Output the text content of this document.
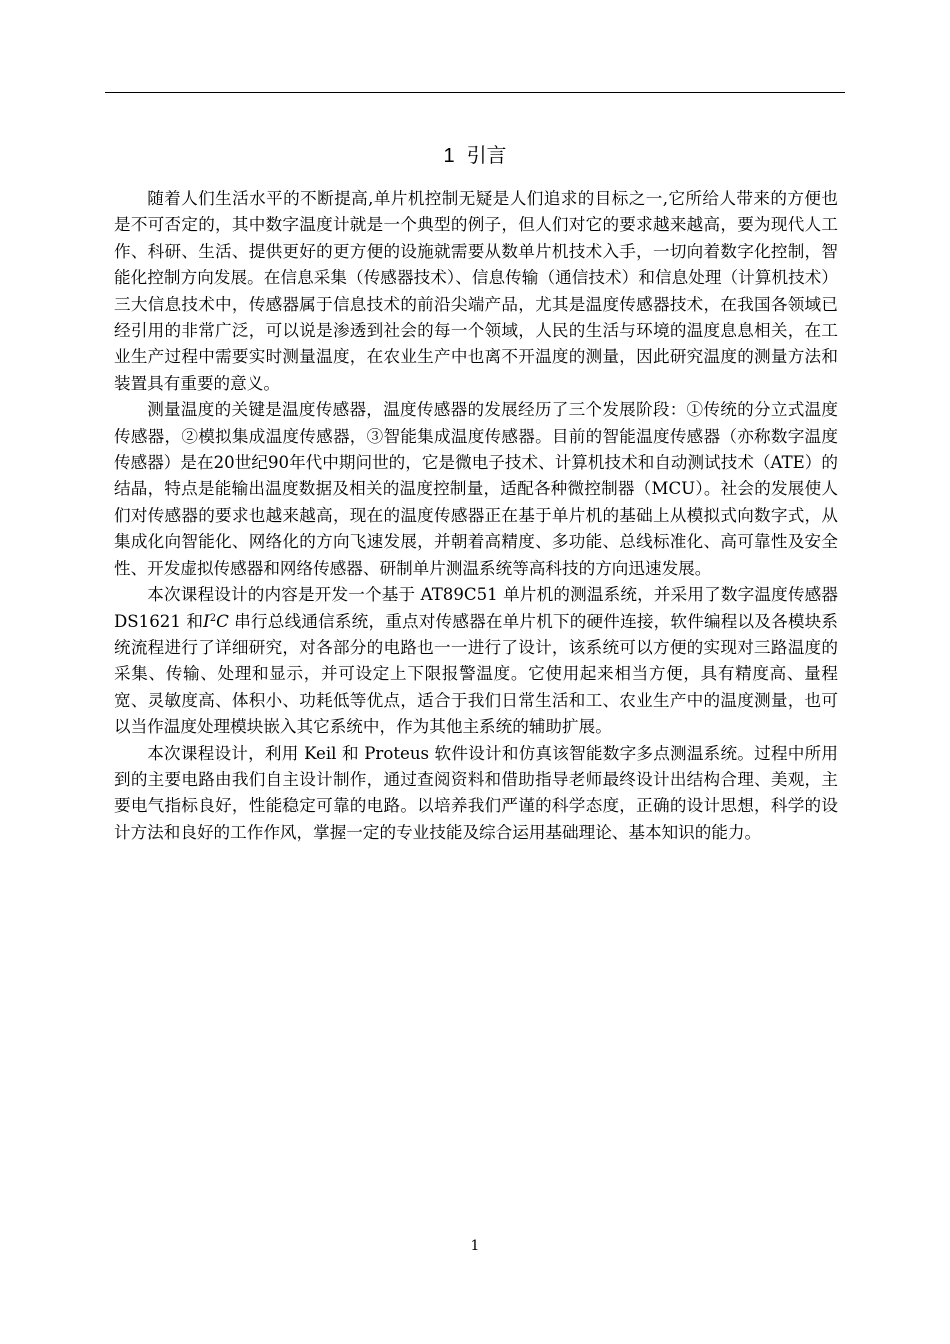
1 引言

随着人们生活水平的不断提高,单片机控制无疑是人们追求的目标之一,它所给人带来的方便也是不可否定的，其中数字温度计就是一个典型的例子，但人们对它的要求越来越高，要为现代人工作、科研、生活、提供更好的更方便的设施就需要从数单片机技术入手，一切向着数字化控制，智能化控制方向发展。在信息采集（传感器技术）、信息传输（通信技术）和信息处理（计算机技术）三大信息技术中，传感器属于信息技术的前沿尖端产品，尤其是温度传感器技术，在我国各领域已经引用的非常广泛，可以说是渗透到社会的每一个领域，人民的生活与环境的温度息息相关，在工业生产过程中需要实时测量温度，在农业生产中也离不开温度的测量，因此研究温度的测量方法和装置具有重要的意义。

测量温度的关键是温度传感器，温度传感器的发展经历了三个发展阶段：①传统的分立式温度传感器，②模拟集成温度传感器，③智能集成温度传感器。目前的智能温度传感器（亦称数字温度传感器）是在20世纪90年代中期问世的，它是微电子技术、计算机技术和自动测试技术（ATE）的结晶，特点是能输出温度数据及相关的温度控制量，适配各种微控制器（MCU）。社会的发展使人们对传感器的要求也越来越高，现在的温度传感器正在基于单片机的基础上从模拟式向数字式，从集成化向智能化、网络化的方向飞速发展，并朝着高精度、多功能、总线标准化、高可靠性及安全性、开发虚拟传感器和网络传感器、研制单片测温系统等高科技的方向迅速发展。

本次课程设计的内容是开发一个基于 AT89C51 单片机的测温系统，并采用了数字温度传感器 DS1621 和$I^2C$ 串行总线通信系统，重点对传感器在单片机下的硬件连接，软件编程以及各模块系统流程进行了详细研究，对各部分的电路也一一进行了设计，该系统可以方便的实现对三路温度的采集、传输、处理和显示，并可设定上下限报警温度。它使用起来相当方便，具有精度高、量程宽、灵敏度高、体积小、功耗低等优点，适合于我们日常生活和工、农业生产中的温度测量，也可以当作温度处理模块嵌入其它系统中，作为其他主系统的辅助扩展。

本次课程设计，利用 Keil 和 Proteus 软件设计和仿真该智能数字多点测温系统。过程中所用到的主要电路由我们自主设计制作，通过查阅资料和借助指导老师最终设计出结构合理、美观，主要电气指标良好，性能稳定可靠的电路。以培养我们严谨的科学态度，正确的设计思想，科学的设计方法和良好的工作作风，掌握一定的专业技能及综合运用基础理论、基本知识的能力。

1
